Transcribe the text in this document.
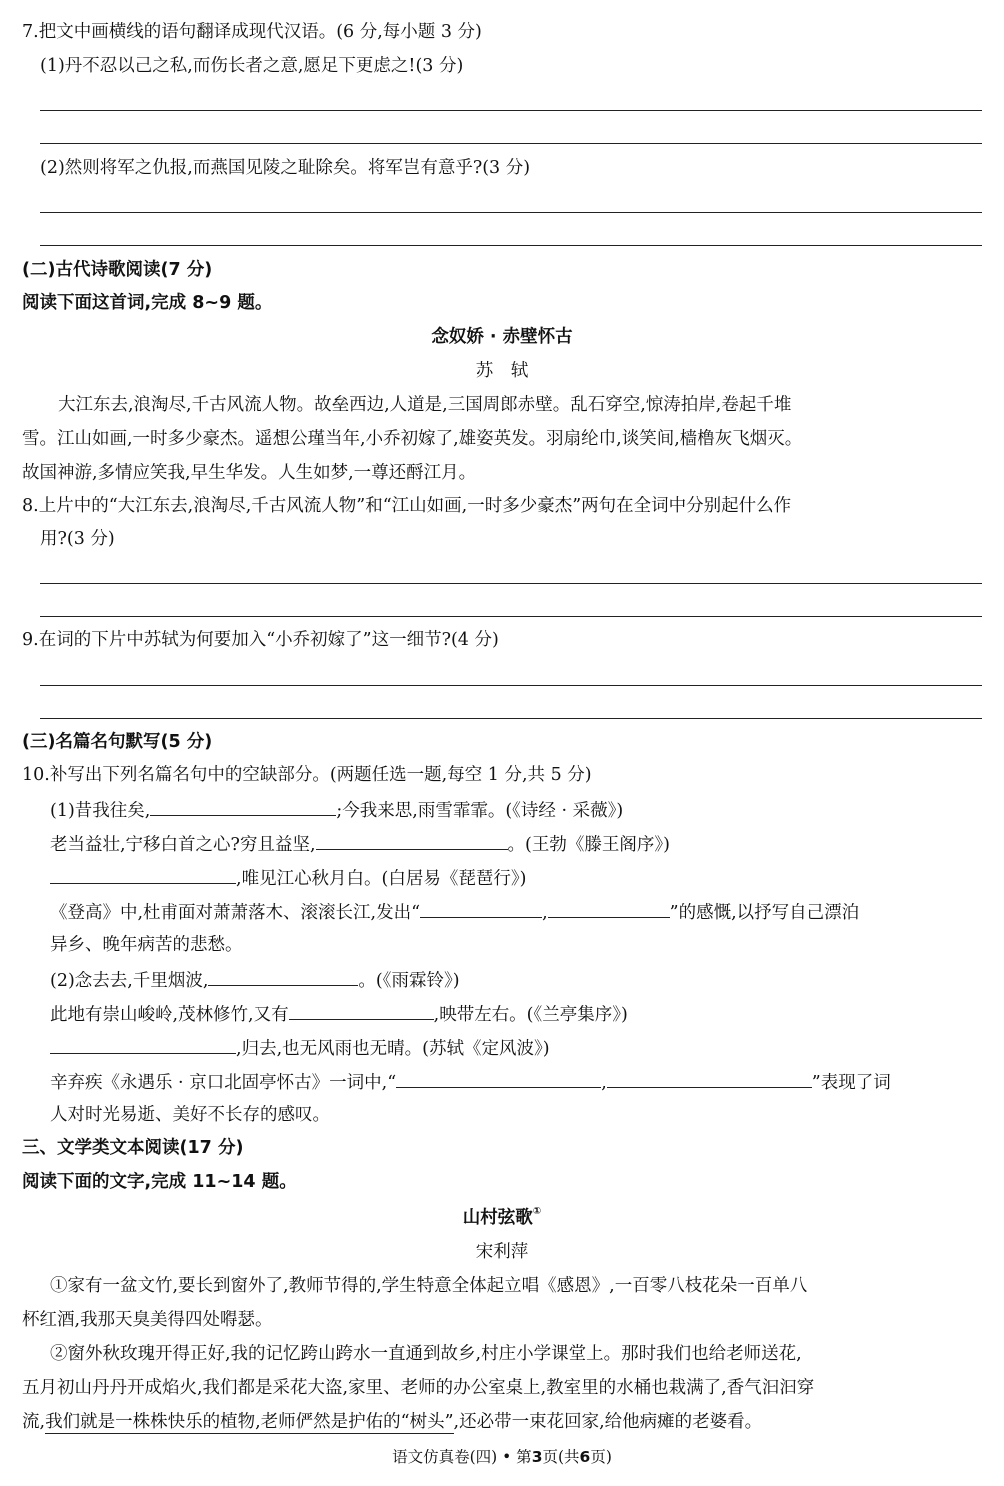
7.把文中画横线的语句翻译成现代汉语。(6 分,每小题 3 分)
(1)丹不忍以己之私,而伤长者之意,愿足下更虑之!(3 分)
(2)然则将军之仇报,而燕国见陵之耻除矣。将军岂有意乎?(3 分)
(二)古代诗歌阅读(7 分)
阅读下面这首词,完成 8~9 题。
念奴娇 · 赤壁怀古
苏　轼
大江东去,浪淘尽,千古风流人物。故垒西边,人道是,三国周郎赤壁。乱石穿空,惊涛拍岸,卷起千堆
雪。江山如画,一时多少豪杰。遥想公瑾当年,小乔初嫁了,雄姿英发。羽扇纶巾,谈笑间,樯橹灰飞烟灭。
故国神游,多情应笑我,早生华发。人生如梦,一尊还酹江月。
8.上片中的“大江东去,浪淘尽,千古风流人物”和“江山如画,一时多少豪杰”两句在全词中分别起什么作
用?(3 分)
9.在词的下片中苏轼为何要加入“小乔初嫁了”这一细节?(4 分)
(三)名篇名句默写(5 分)
10.补写出下列名篇名句中的空缺部分。(两题任选一题,每空 1 分,共 5 分)
(1)昔我往矣,	;今我来思,雨雪霏霏。(《诗经 · 采薇》)
老当益壮,宁移白首之心?穷且益坚,	。(王勃《滕王阁序》)
,唯见江心秋月白。(白居易《琵琶行》)
《登高》中,杜甫面对萧萧落木、滚滚长江,发出“	,	”的感慨,以抒写自己漂泊
异乡、晚年病苦的悲愁。
(2)念去去,千里烟波,	。(《雨霖铃》)
此地有崇山峻岭,茂林修竹,又有	,映带左右。(《兰亭集序》)
,归去,也无风雨也无晴。(苏轼《定风波》)
辛弃疾《永遇乐 · 京口北固亭怀古》一词中,“	,	”表现了词
人对时光易逝、美好不长存的感叹。
三、文学类文本阅读(17 分)
阅读下面的文字,完成 11~14 题。
山村弦歌①
宋利萍
①家有一盆文竹,要长到窗外了,教师节得的,学生特意全体起立唱《感恩》,一百零八枝花朵一百单八
杯红酒,我那天臭美得四处嘚瑟。
②窗外秋玫瑰开得正好,我的记忆跨山跨水一直通到故乡,村庄小学课堂上。那时我们也给老师送花,
五月初山丹丹开成焰火,我们都是采花大盗,家里、老师的办公室桌上,教室里的水桶也栽满了,香气汩汩穿
流,我们就是一株株快乐的植物,老师俨然是护佑的“树头”,还必带一束花回家,给他病瘫的老婆看。
语文仿真卷(四) • 第3页(共6页)
